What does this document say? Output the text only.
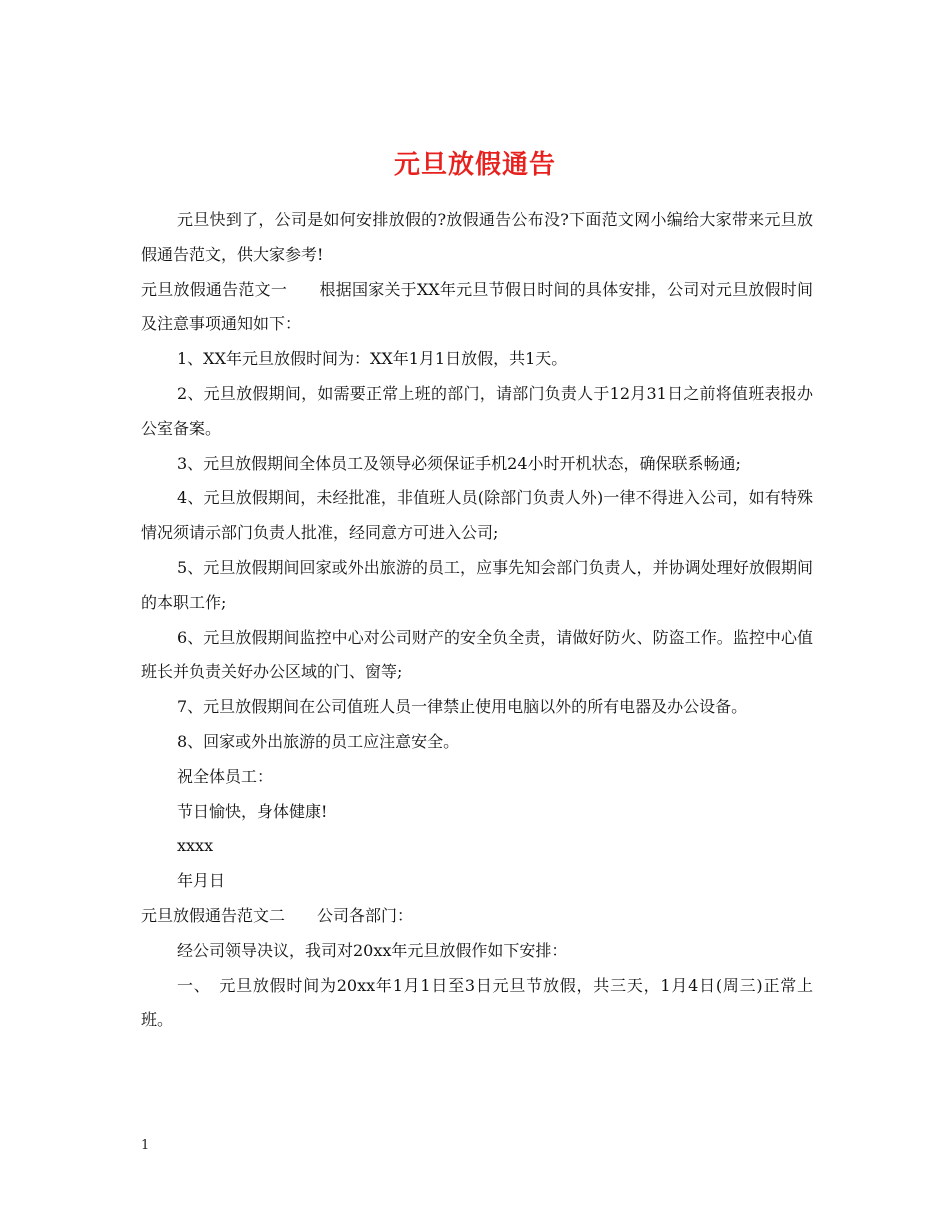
元旦放假通告

元旦快到了，公司是如何安排放假的?放假通告公布没?下面范文网小编给大家带来元旦放假通告范文，供大家参考!

元旦放假通告范文一　　根据国家关于XX年元旦节假日时间的具体安排，公司对元旦放假时间及注意事项通知如下：

1、XX年元旦放假时间为：XX年1月1日放假，共1天。

2、元旦放假期间，如需要正常上班的部门，请部门负责人于12月31日之前将值班表报办公室备案。

3、元旦放假期间全体员工及领导必须保证手机24小时开机状态，确保联系畅通;

4、元旦放假期间，未经批准，非值班人员(除部门负责人外)一律不得进入公司，如有特殊情况须请示部门负责人批准，经同意方可进入公司;

5、元旦放假期间回家或外出旅游的员工，应事先知会部门负责人，并协调处理好放假期间的本职工作;

6、元旦放假期间监控中心对公司财产的安全负全责，请做好防火、防盗工作。监控中心值班长并负责关好办公区域的门、窗等;

7、元旦放假期间在公司值班人员一律禁止使用电脑以外的所有电器及办公设备。

8、回家或外出旅游的员工应注意安全。

祝全体员工：

节日愉快，身体健康!

xxxx

年月日

元旦放假通告范文二　　公司各部门：

经公司领导决议，我司对20xx年元旦放假作如下安排：

一、　元旦放假时间为20xx年1月1日至3日元旦节放假，共三天，1月4日(周三)正常上班。

1
